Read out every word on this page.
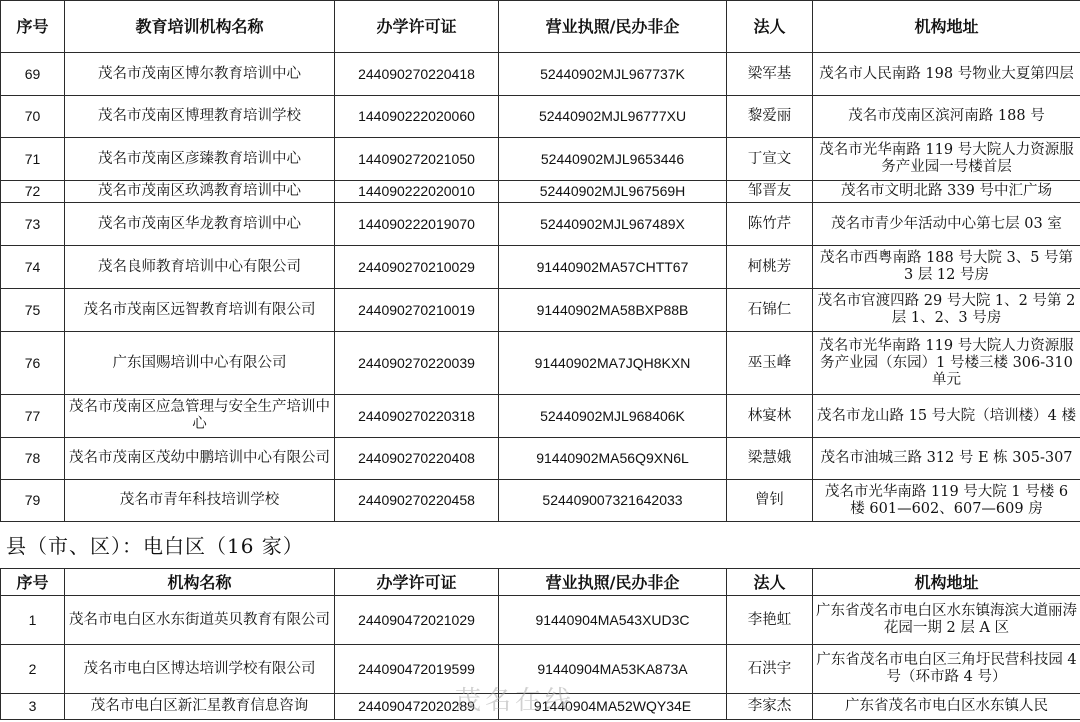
序号	教育培训机构名称	办学许可证	营业执照/民办非企	法人	机构地址
69	茂名市茂南区博尔教育培训中心	244090270220418	52440902MJL967737K	梁军基	茂名市人民南路 198 号物业大夏第四层
70	茂名市茂南区博理教育培训学校	144090222020060	52440902MJL96777XU	黎爱丽	茂名市茂南区滨河南路 188 号
71	茂名市茂南区彦臻教育培训中心	144090272021050	52440902MJL9653446	丁宣文	茂名市光华南路 119 号大院人力资源服务产业园一号楼首层
72	茂名市茂南区玖鸿教育培训中心	144090222020010	52440902MJL967569H	邹晋友	茂名市文明北路 339 号中汇广场
73	茂名市茂南区华龙教育培训中心	144090222019070	52440902MJL967489X	陈竹芹	茂名市青少年活动中心第七层 03 室
74	茂名良师教育培训中心有限公司	244090270210029	91440902MA57CHTT67	柯桃芳	茂名市西粤南路 188 号大院 3、5 号第 3 层 12 号房
75	茂名市茂南区远智教育培训有限公司	244090270210019	91440902MA58BXP88B	石锦仁	茂名市官渡四路 29 号大院 1、2 号第 2 层 1、2、3 号房
76	广东国赐培训中心有限公司	244090270220039	91440902MA7JQH8KXN	巫玉峰	茂名市光华南路 119 号大院人力资源服务产业园（东园）1 号楼三楼 306-310 单元
77	茂名市茂南区应急管理与安全生产培训中心	244090270220318	52440902MJL968406K	林宴林	茂名市龙山路 15 号大院（培训楼）4 楼
78	茂名市茂南区茂幼中鹏培训中心有限公司	244090270220408	91440902MA56Q9XN6L	梁慧娥	茂名市油城三路 312 号 E 栋 305-307
79	茂名市青年科技培训学校	244090270220458	524409007321642033	曾钊	茂名市光华南路 119 号大院 1 号楼 6 楼 601—602、607—609 房
县（市、区）：电白区（16 家）
序号	机构名称	办学许可证	营业执照/民办非企	法人	机构地址
1	茂名市电白区水东街道英贝教育有限公司	244090472021029	91440904MA543XUD3C	李艳虹	广东省茂名市电白区水东镇海滨大道丽涛花园一期 2 层 A 区
2	茂名市电白区博达培训学校有限公司	244090472019599	91440904MA53KA873A	石洪宇	广东省茂名市电白区三角圩民营科技园 4 号（环市路 4 号）
3	茂名市电白区新汇星教育信息咨询	244090472020289	91440904MA52WQY34E	李家杰	广东省茂名市电白区水东镇人民
茂名在线
